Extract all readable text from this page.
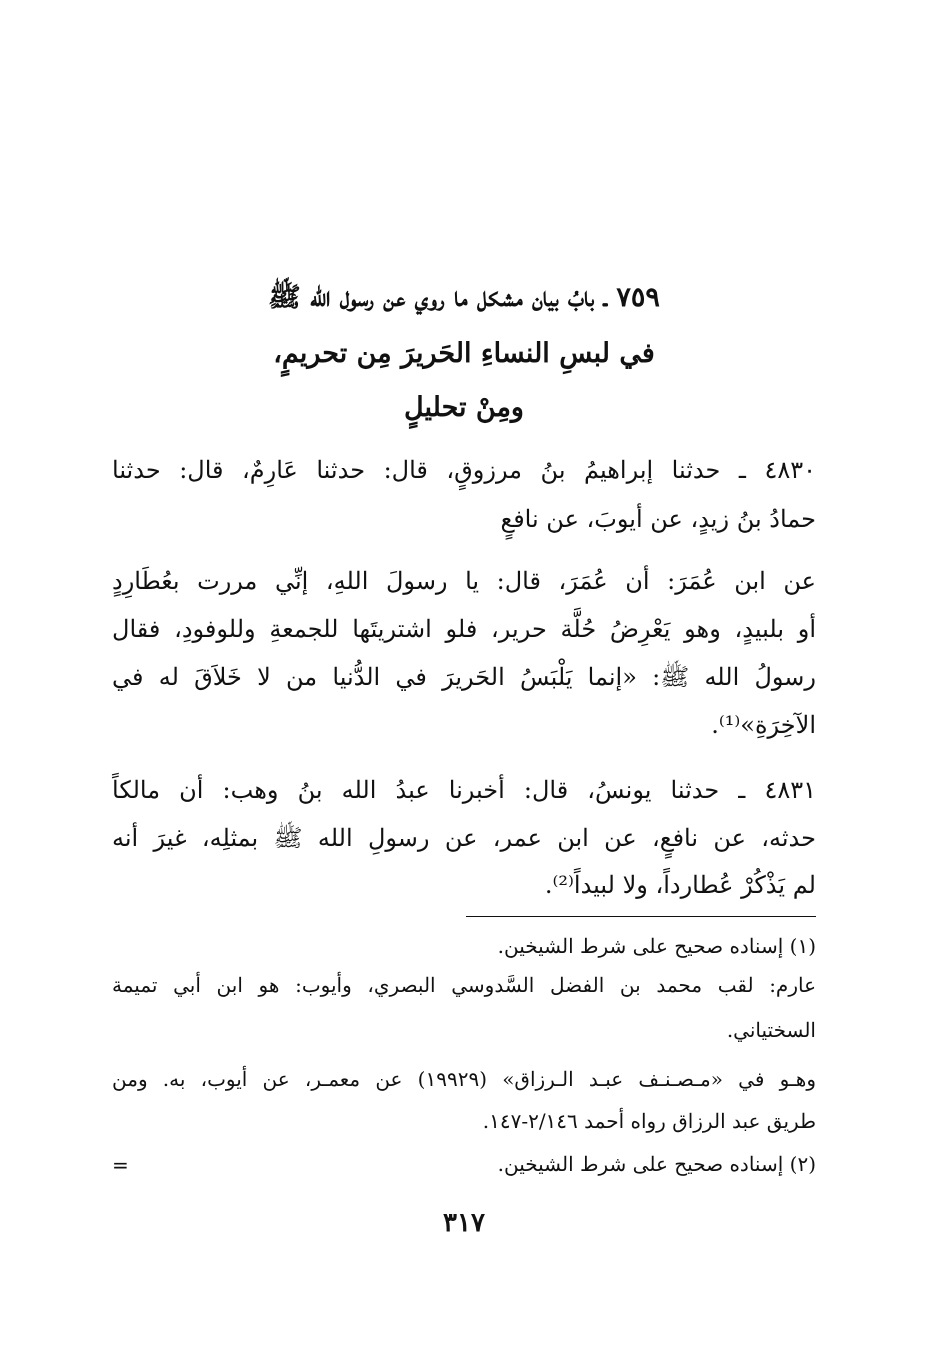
٧٥٩ ـ بابُ بيان مشكل ما روي عن رسول الله ﷺ
في لبسِ النساءِ الحَريرَ مِن تحريمٍ،
ومِنْ تحليلٍ
٤٨٣٠ ـ حدثنا إبراهيمُ بنُ مرزوقٍ، قال: حدثنا عَارِمٌ، قال: حدثنا
حمادُ بنُ زيدٍ، عن أيوبَ، عن نافعٍ
عن ابن عُمَرَ: أن عُمَرَ، قال: يا رسولَ اللهِ، إنِّي مررت بعُطَارِدٍ
أو بلبيدٍ، وهو يَعْرِضُ حُلَّة حرير، فلو اشتريتَها للجمعةِ وللوفودِ، فقال
رسولُ الله ﷺ: «إنما يَلْبَسُ الحَريرَ في الدُّنيا من لا خَلاَقَ له في
الآخِرَةِ»⁽¹⁾.
٤٨٣١ ـ حدثنا يونسُ، قال: أخبرنا عبدُ الله بنُ وهب: أن مالكاً
حدثه، عن نافعٍ، عن ابن عمر، عن رسولِ الله ﷺ بمثلِه، غيرَ أنه
لم يَذْكُرْ عُطارداً، ولا لبيداً⁽²⁾.
(١) إسناده صحيح على شرط الشيخين.
عارم: لقب محمد بن الفضل السَّدوسي البصري، وأيوب: هو ابن أبي تميمة
السختياني.
وهـو في «مـصـنـف عبـد الـرزاق» (١٩٩٢٩) عن معمـر، عن أيوب، به. ومن
طريق عبد الرزاق رواه أحمد ٢/١٤٦-١٤٧.
(٢) إسناده صحيح على شرط الشيخين.
=
٣١٧
